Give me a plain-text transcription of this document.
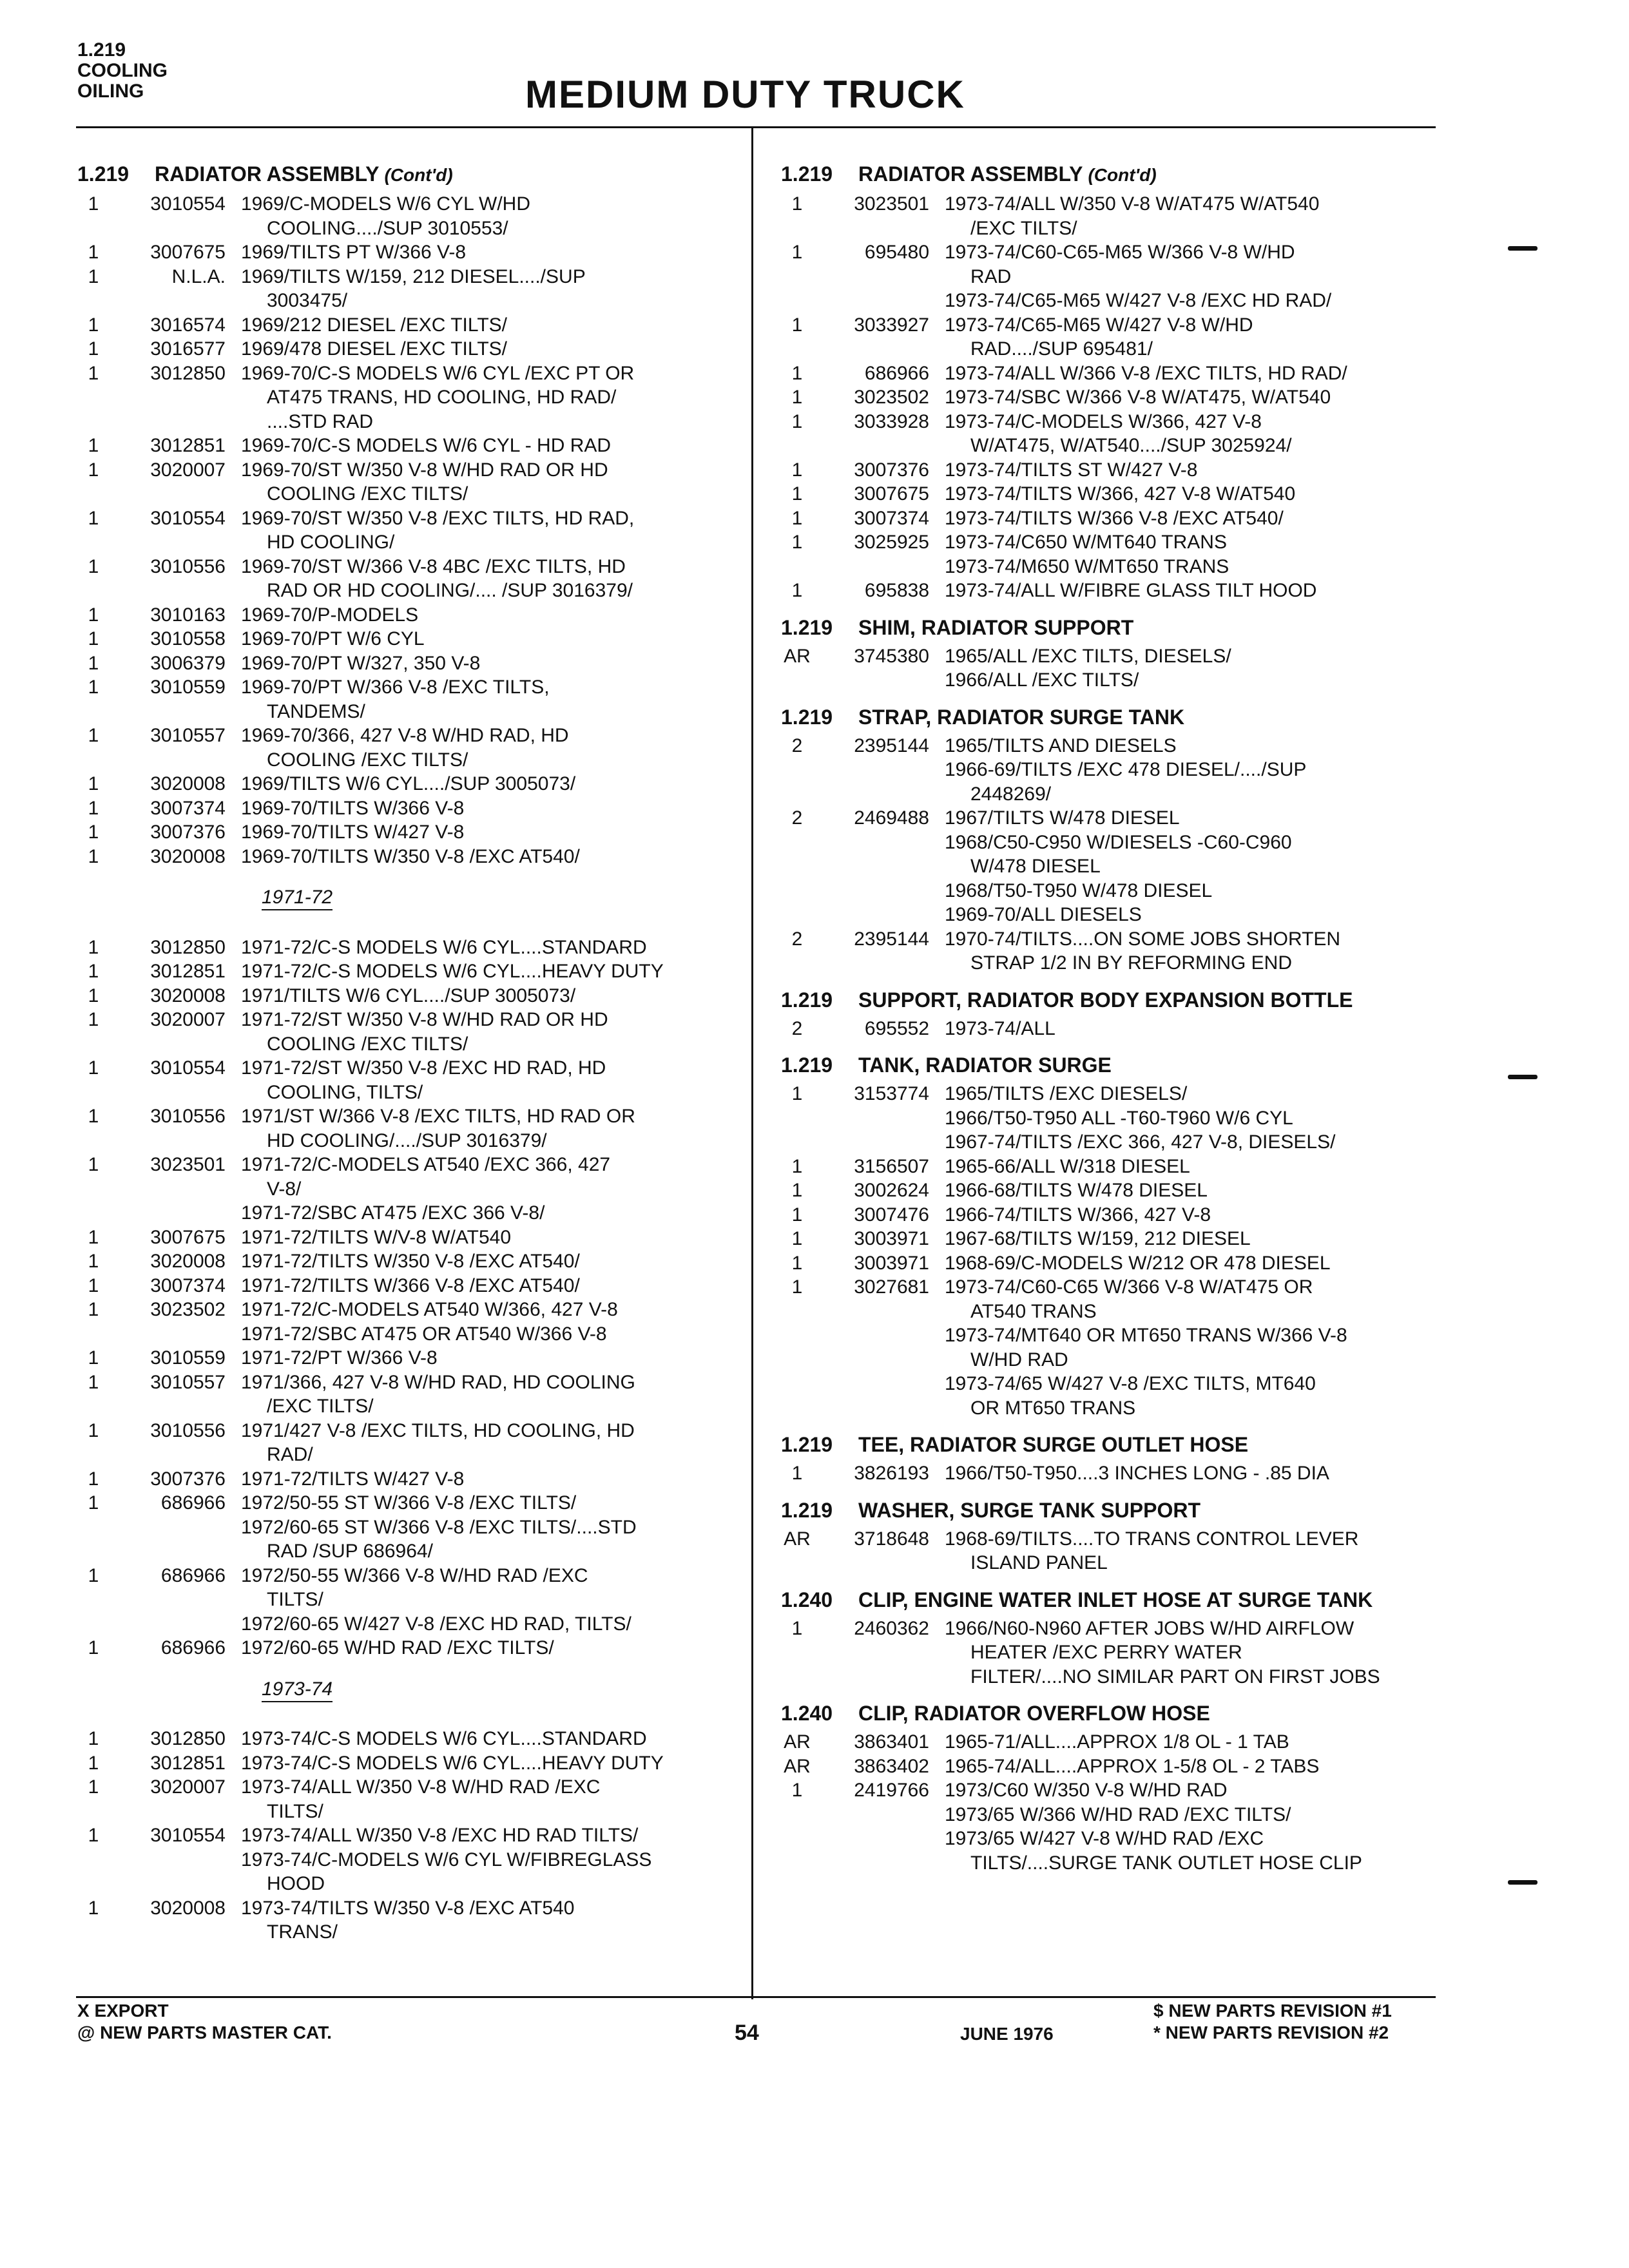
1.219
COOLING
OILING	MEDIUM DUTY TRUCK
1.219	RADIATOR ASSEMBLY (Cont'd)
1	3010554 1969/C-MODELS W/6 CYL W/HD
COOLING..../SUP 3010553/
1	3007675 1969/TILTS PT W/366 V-8
1	N.L.A. 1969/TILTS W/159, 212 DIESEL..../SUP
3003475/
1	3016574 1969/212 DIESEL /EXC TILTS/
1	3016577 1969/478 DIESEL /EXC TILTS/
1	3012850 1969-70/C-S MODELS W/6 CYL /EXC PT OR
AT475 TRANS, HD COOLING, HD RAD/
....STD RAD
1	3012851 1969-70/C-S MODELS W/6 CYL - HD RAD
1	3020007 1969-70/ST W/350 V-8 W/HD RAD OR HD
COOLING /EXC TILTS/
1	3010554 1969-70/ST W/350 V-8 /EXC TILTS, HD RAD,
HD COOLING/
1	3010556 1969-70/ST W/366 V-8 4BC /EXC TILTS, HD
RAD OR HD COOLING/.... /SUP 3016379/
1	3010163 1969-70/P-MODELS
1	3010558 1969-70/PT W/6 CYL
1	3006379 1969-70/PT W/327, 350 V-8
1	3010559 1969-70/PT W/366 V-8 /EXC TILTS,
TANDEMS/
1	3010557 1969-70/366, 427 V-8 W/HD RAD, HD
COOLING /EXC TILTS/
1	3020008 1969/TILTS W/6 CYL..../SUP 3005073/
1	3007374 1969-70/TILTS W/366 V-8
1	3007376 1969-70/TILTS W/427 V-8
1	3020008 1969-70/TILTS W/350 V-8 /EXC AT540/
1971-72
1	3012850 1971-72/C-S MODELS W/6 CYL....STANDARD
1	3012851 1971-72/C-S MODELS W/6 CYL....HEAVY DUTY
1	3020008 1971/TILTS W/6 CYL..../SUP 3005073/
1	3020007 1971-72/ST W/350 V-8 W/HD RAD OR HD
COOLING /EXC TILTS/
1	3010554 1971-72/ST W/350 V-8 /EXC HD RAD, HD
COOLING, TILTS/
1	3010556 1971/ST W/366 V-8 /EXC TILTS, HD RAD OR
HD COOLING/..../SUP 3016379/
1	3023501 1971-72/C-MODELS AT540 /EXC 366, 427
V-8/
1971-72/SBC AT475 /EXC 366 V-8/
1	3007675 1971-72/TILTS W/V-8 W/AT540
1	3020008 1971-72/TILTS W/350 V-8 /EXC AT540/
1	3007374 1971-72/TILTS W/366 V-8 /EXC AT540/
1	3023502 1971-72/C-MODELS AT540 W/366, 427 V-8
1971-72/SBC AT475 OR AT540 W/366 V-8
1	3010559 1971-72/PT W/366 V-8
1	3010557 1971/366, 427 V-8 W/HD RAD, HD COOLING
/EXC TILTS/
1	3010556 1971/427 V-8 /EXC TILTS, HD COOLING, HD
RAD/
1	3007376 1971-72/TILTS W/427 V-8
1	686966 1972/50-55 ST W/366 V-8 /EXC TILTS/
1972/60-65 ST W/366 V-8 /EXC TILTS/....STD
RAD /SUP 686964/
1	686966 1972/50-55 W/366 V-8 W/HD RAD /EXC
TILTS/
1972/60-65 W/427 V-8 /EXC HD RAD, TILTS/
1	686966 1972/60-65 W/HD RAD /EXC TILTS/
1973-74
1	3012850 1973-74/C-S MODELS W/6 CYL....STANDARD
1	3012851 1973-74/C-S MODELS W/6 CYL....HEAVY DUTY
1	3020007 1973-74/ALL W/350 V-8 W/HD RAD /EXC
TILTS/
1	3010554 1973-74/ALL W/350 V-8 /EXC HD RAD TILTS/
1973-74/C-MODELS W/6 CYL W/FIBREGLASS
HOOD
1	3020008 1973-74/TILTS W/350 V-8 /EXC AT540
TRANS/
1.219	RADIATOR ASSEMBLY (Cont'd)
1	3023501 1973-74/ALL W/350 V-8 W/AT475 W/AT540
/EXC TILTS/
1	695480 1973-74/C60-C65-M65 W/366 V-8 W/HD
RAD
1973-74/C65-M65 W/427 V-8 /EXC HD RAD/
1	3033927 1973-74/C65-M65 W/427 V-8 W/HD
RAD..../SUP 695481/
1	686966 1973-74/ALL W/366 V-8 /EXC TILTS, HD RAD/
1	3023502 1973-74/SBC W/366 V-8 W/AT475, W/AT540
1	3033928 1973-74/C-MODELS W/366, 427 V-8
W/AT475, W/AT540..../SUP 3025924/
1	3007376 1973-74/TILTS ST W/427 V-8
1	3007675 1973-74/TILTS W/366, 427 V-8 W/AT540
1	3007374 1973-74/TILTS W/366 V-8 /EXC AT540/
1	3025925 1973-74/C650 W/MT640 TRANS
1973-74/M650 W/MT650 TRANS
1	695838 1973-74/ALL W/FIBRE GLASS TILT HOOD
1.219	SHIM, RADIATOR SUPPORT
AR	3745380 1965/ALL /EXC TILTS, DIESELS/
1966/ALL /EXC TILTS/
1.219	STRAP, RADIATOR SURGE TANK
2	2395144 1965/TILTS AND DIESELS
1966-69/TILTS /EXC 478 DIESEL/..../SUP
2448269/
2	2469488 1967/TILTS W/478 DIESEL
1968/C50-C950 W/DIESELS -C60-C960
W/478 DIESEL
1968/T50-T950 W/478 DIESEL
1969-70/ALL DIESELS
2	2395144 1970-74/TILTS....ON SOME JOBS SHORTEN
STRAP 1/2 IN BY REFORMING END
1.219	SUPPORT, RADIATOR BODY EXPANSION BOTTLE
2	695552 1973-74/ALL
1.219	TANK, RADIATOR SURGE
1	3153774 1965/TILTS /EXC DIESELS/
1966/T50-T950 ALL -T60-T960 W/6 CYL
1967-74/TILTS /EXC 366, 427 V-8, DIESELS/
1	3156507 1965-66/ALL W/318 DIESEL
1	3002624 1966-68/TILTS W/478 DIESEL
1	3007476 1966-74/TILTS W/366, 427 V-8
1	3003971 1967-68/TILTS W/159, 212 DIESEL
1	3003971 1968-69/C-MODELS W/212 OR 478 DIESEL
1	3027681 1973-74/C60-C65 W/366 V-8 W/AT475 OR
AT540 TRANS
1973-74/MT640 OR MT650 TRANS W/366 V-8
W/HD RAD
1973-74/65 W/427 V-8 /EXC TILTS, MT640
OR MT650 TRANS
1.219	TEE, RADIATOR SURGE OUTLET HOSE
1	3826193 1966/T50-T950....3 INCHES LONG - .85 DIA
1.219	WASHER, SURGE TANK SUPPORT
AR	3718648 1968-69/TILTS....TO TRANS CONTROL LEVER
ISLAND PANEL
1.240	CLIP, ENGINE WATER INLET HOSE AT SURGE TANK
1	2460362 1966/N60-N960 AFTER JOBS W/HD AIRFLOW
HEATER /EXC PERRY WATER
FILTER/....NO SIMILAR PART ON FIRST JOBS
1.240	CLIP, RADIATOR OVERFLOW HOSE
AR	3863401 1965-71/ALL....APPROX 1/8 OL - 1 TAB
AR	3863402 1965-74/ALL....APPROX 1-5/8 OL - 2 TABS
1	2419766 1973/C60 W/350 V-8 W/HD RAD
1973/65 W/366 W/HD RAD /EXC TILTS/
1973/65 W/427 V-8 W/HD RAD /EXC
TILTS/....SURGE TANK OUTLET HOSE CLIP
X EXPORT
@ NEW PARTS MASTER CAT.	54	JUNE 1976
$ NEW PARTS REVISION #1
* NEW PARTS REVISION #2
